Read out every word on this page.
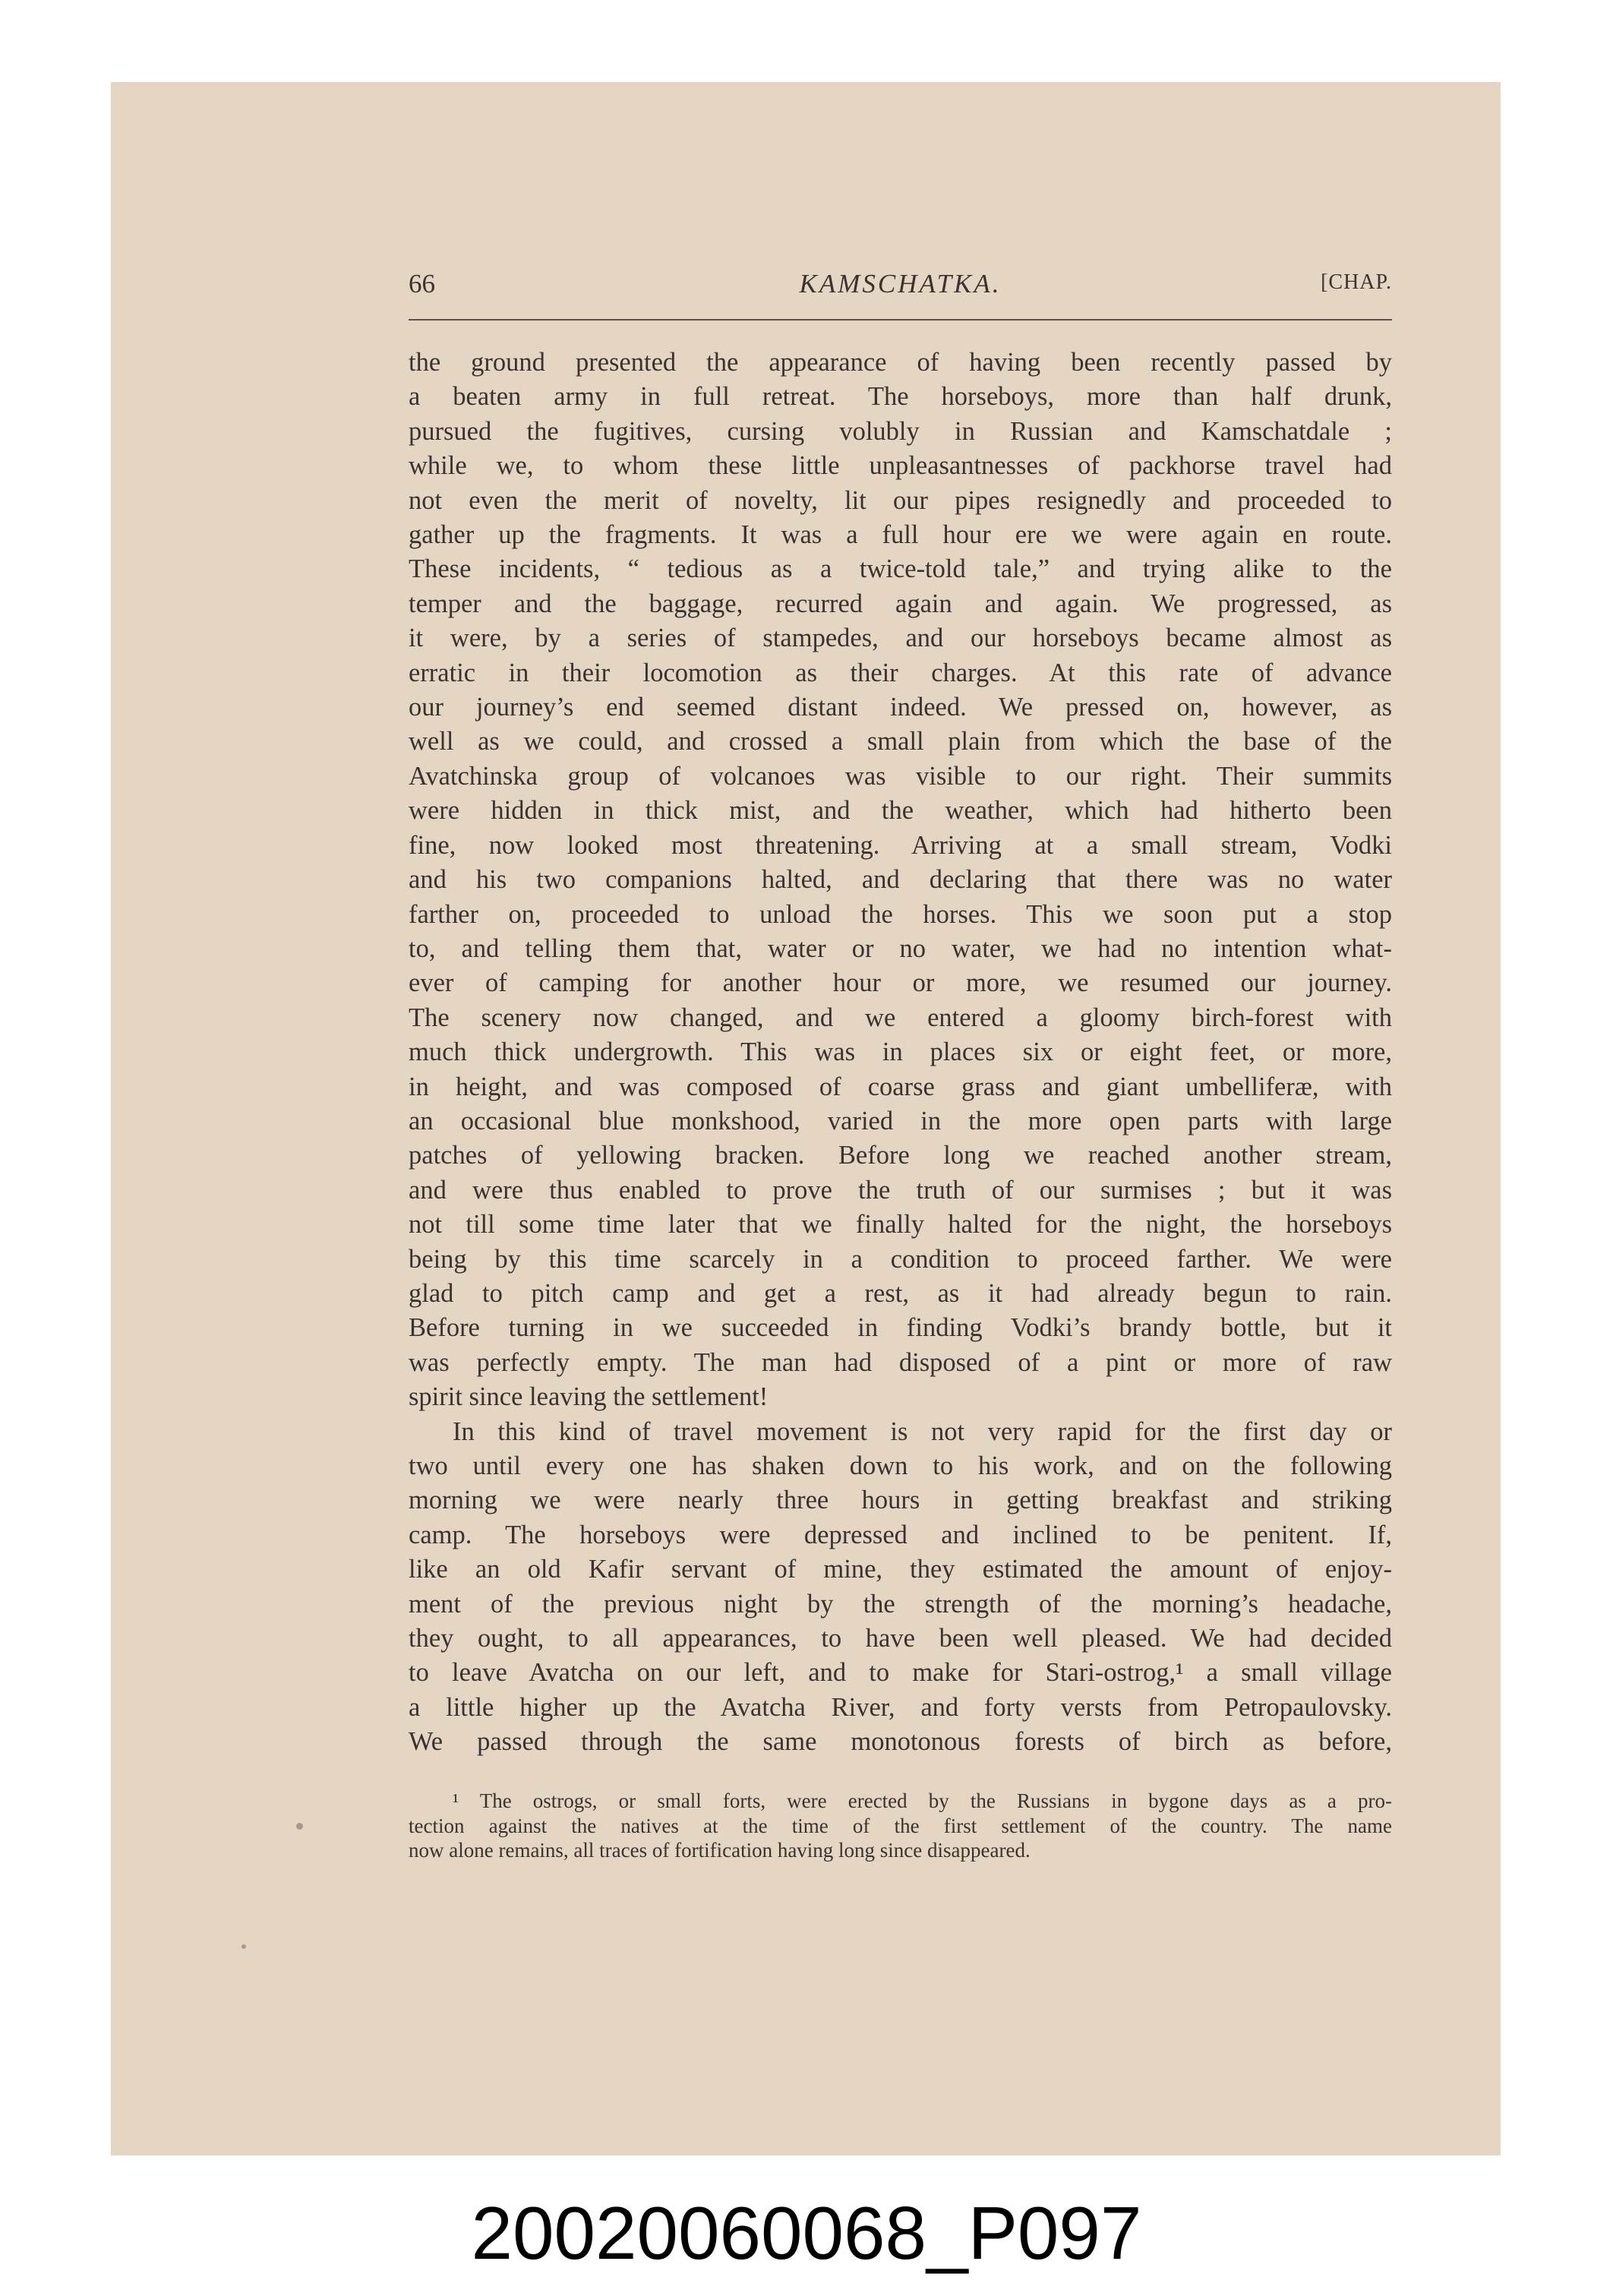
66	KAMSCHATKA.	[CHAP.
the ground presented the appearance of having been recently passed by
a beaten army in full retreat. The horseboys, more than half drunk,
pursued the fugitives, cursing volubly in Russian and Kamschatdale ;
while we, to whom these little unpleasantnesses of packhorse travel had
not even the merit of novelty, lit our pipes resignedly and proceeded to
gather up the fragments. It was a full hour ere we were again en route.
These incidents, “ tedious as a twice-told tale,” and trying alike to the
temper and the baggage, recurred again and again. We progressed, as
it were, by a series of stampedes, and our horseboys became almost as
erratic in their locomotion as their charges. At this rate of advance
our journey’s end seemed distant indeed. We pressed on, however, as
well as we could, and crossed a small plain from which the base of the
Avatchinska group of volcanoes was visible to our right. Their summits
were hidden in thick mist, and the weather, which had hitherto been
fine, now looked most threatening. Arriving at a small stream, Vodki
and his two companions halted, and declaring that there was no water
farther on, proceeded to unload the horses. This we soon put a stop
to, and telling them that, water or no water, we had no intention what-
ever of camping for another hour or more, we resumed our journey.
The scenery now changed, and we entered a gloomy birch-forest with
much thick undergrowth. This was in places six or eight feet, or more,
in height, and was composed of coarse grass and giant umbelliferæ, with
an occasional blue monkshood, varied in the more open parts with large
patches of yellowing bracken. Before long we reached another stream,
and were thus enabled to prove the truth of our surmises ; but it was
not till some time later that we finally halted for the night, the horseboys
being by this time scarcely in a condition to proceed farther. We were
glad to pitch camp and get a rest, as it had already begun to rain.
Before turning in we succeeded in finding Vodki’s brandy bottle, but it
was perfectly empty. The man had disposed of a pint or more of raw
spirit since leaving the settlement!
In this kind of travel movement is not very rapid for the first day or
two until every one has shaken down to his work, and on the following
morning we were nearly three hours in getting breakfast and striking
camp. The horseboys were depressed and inclined to be penitent. If,
like an old Kafir servant of mine, they estimated the amount of enjoy-
ment of the previous night by the strength of the morning’s headache,
they ought, to all appearances, to have been well pleased. We had decided
to leave Avatcha on our left, and to make for Stari-ostrog,¹ a small village
a little higher up the Avatcha River, and forty versts from Petropaulovsky.
We passed through the same monotonous forests of birch as before,
¹ The ostrogs, or small forts, were erected by the Russians in bygone days as a pro-
tection against the natives at the time of the first settlement of the country. The name
now alone remains, all traces of fortification having long since disappeared.
20020060068_P097
